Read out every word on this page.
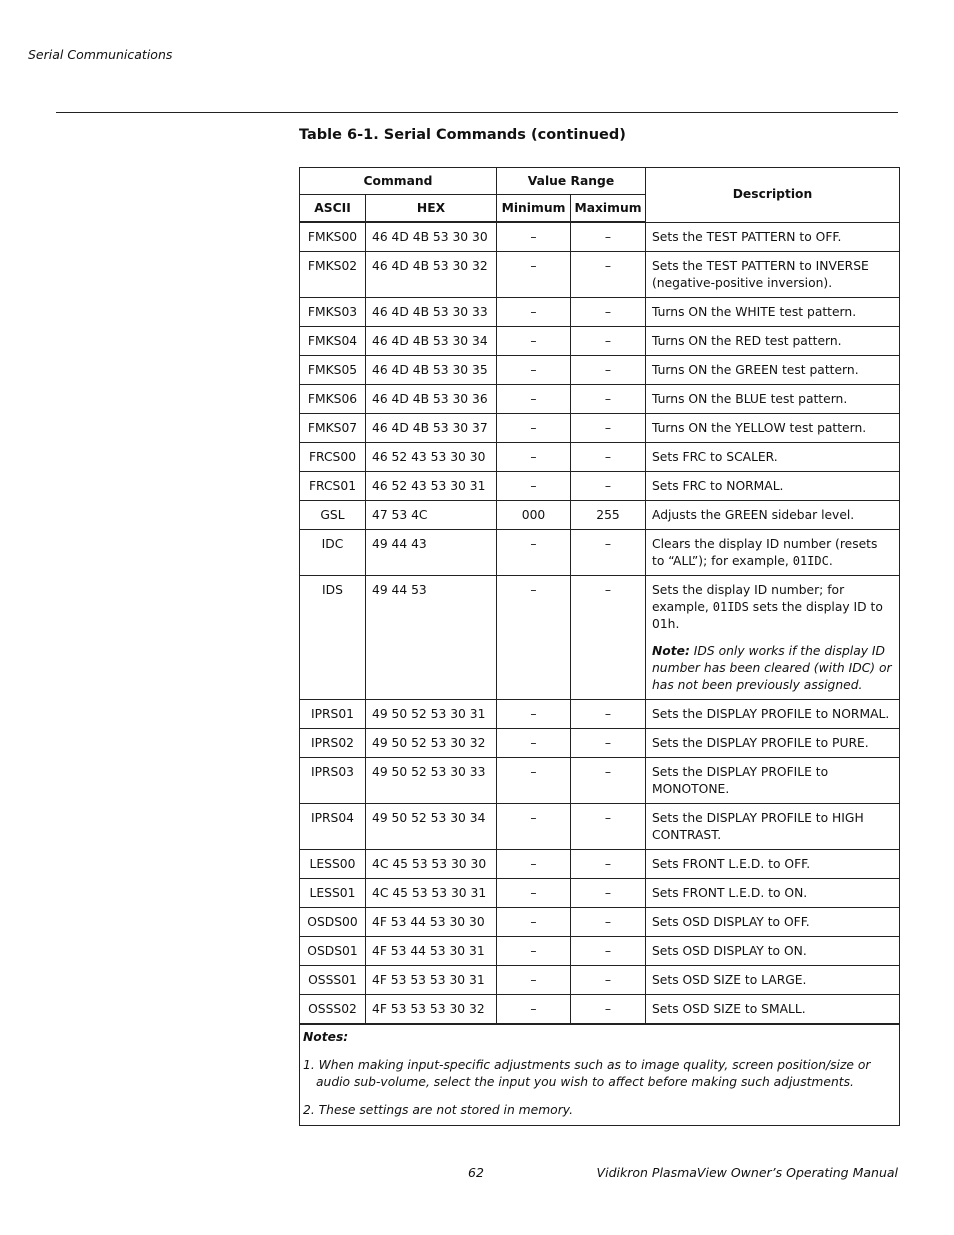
Serial Communications
Table 6-1. Serial Commands (continued)
Command		Value Range		Description
ASCII	HEX	Minimum	Maximum	
FMKS00	46 4D 4B 53 30 30	–	–	Sets the TEST PATTERN to OFF.
FMKS02	46 4D 4B 53 30 32	–	–	Sets the TEST PATTERN to INVERSE (negative-positive inversion).
FMKS03	46 4D 4B 53 30 33	–	–	Turns ON the WHITE test pattern.
FMKS04	46 4D 4B 53 30 34	–	–	Turns ON the RED test pattern.
FMKS05	46 4D 4B 53 30 35	–	–	Turns ON the GREEN test pattern.
FMKS06	46 4D 4B 53 30 36	–	–	Turns ON the BLUE test pattern.
FMKS07	46 4D 4B 53 30 37	–	–	Turns ON the YELLOW test pattern.
FRCS00	46 52 43 53 30 30	–	–	Sets FRC to SCALER.
FRCS01	46 52 43 53 30 31	–	–	Sets FRC to NORMAL.
GSL	47 53 4C	000	255	Adjusts the GREEN sidebar level.
IDC	49 44 43	–	–	Clears the display ID number (resets to “ALL”); for example, 01IDC.
IDS	49 44 53	–	–	Sets the display ID number; for example, 01IDS sets the display ID to 01h.
Note: IDS only works if the display ID number has been cleared (with IDC) or has not been previously assigned.

IPRS01	49 50 52 53 30 31	–	–	Sets the DISPLAY PROFILE to NORMAL.
IPRS02	49 50 52 53 30 32	–	–	Sets the DISPLAY PROFILE to PURE.
IPRS03	49 50 52 53 30 33	–	–	Sets the DISPLAY PROFILE to MONOTONE.
IPRS04	49 50 52 53 30 34	–	–	Sets the DISPLAY PROFILE to HIGH CONTRAST.
LESS00	4C 45 53 53 30 30	–	–	Sets FRONT L.E.D. to OFF.
LESS01	4C 45 53 53 30 31	–	–	Sets FRONT L.E.D. to ON.
OSDS00	4F 53 44 53 30 30	–	–	Sets OSD DISPLAY to OFF.
OSDS01	4F 53 44 53 30 31	–	–	Sets OSD DISPLAY to ON.
OSSS01	4F 53 53 53 30 31	–	–	Sets OSD SIZE to LARGE.
OSSS02	4F 53 53 53 30 32	–	–	Sets OSD SIZE to SMALL.

Notes:
1. When making input-specific adjustments such as to image quality, screen position/size or audio sub-volume, select the input you wish to affect before making such adjustments.
2. These settings are not stored in memory.				
62	Vidikron PlasmaView Owner’s Operating Manual
